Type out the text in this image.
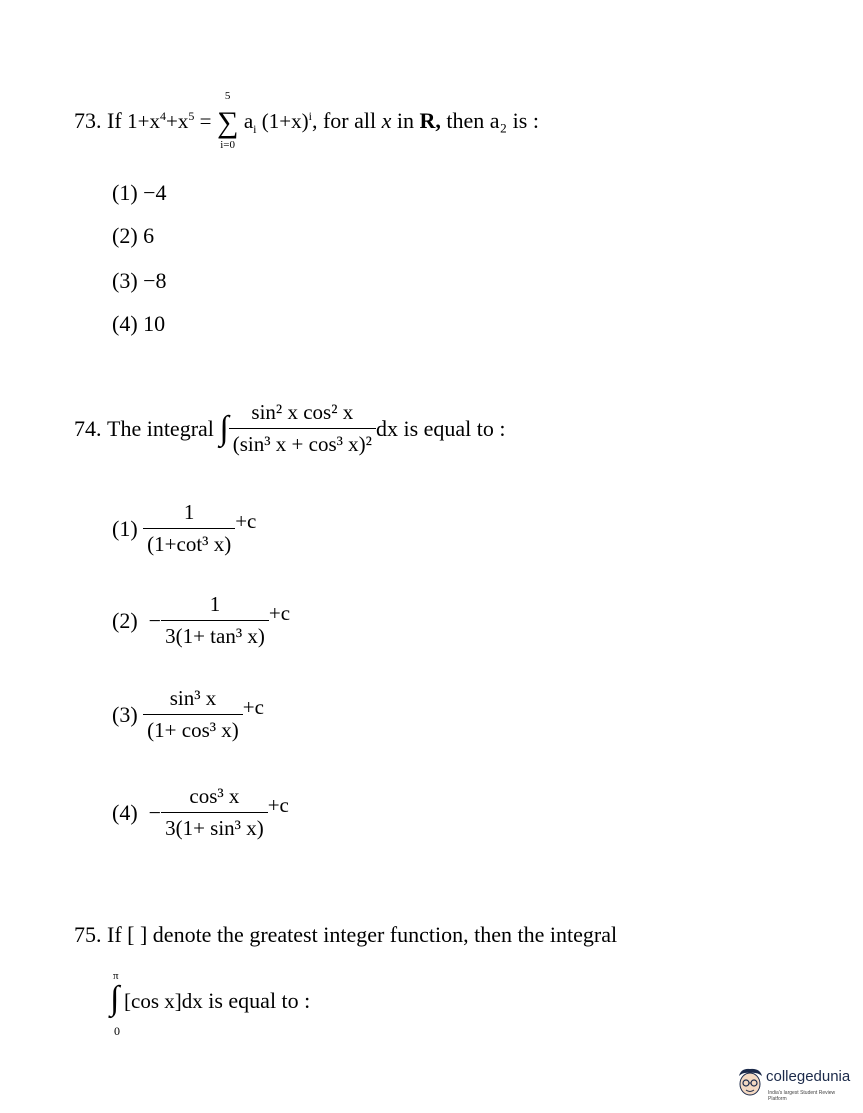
73. If $1+x^4+x^5$ =
5
∑
i=0
$a_i$ $(1+x)^i$, for all x in R, then a₂ is :
(1) −4
(2) 6
(3) −8
(4) 10
74.
The integral
∫ $\frac{\text{sin² x cos² x}}{\text{(sin³ x + cos³ x)²}}$ dx is equal to :
(1)
$\frac{1}{\text{(1+cot³ x)}} +c$
(2)
− $\frac{1}{\text{3(1+ tan³ x)}} +c$
(3)
$\frac{\text{sin³ x}}{\text{(1+ cos³ x)}} +c$
(4)
− $\frac{\text{cos³ x}}{\text{3(1+ sin³ x)}} +c$
75. If [ ] denote the greatest integer function, then the integral
π
∫
0
[cos x]dx is equal to :
collegedunia
India's largest Student Review Platform
